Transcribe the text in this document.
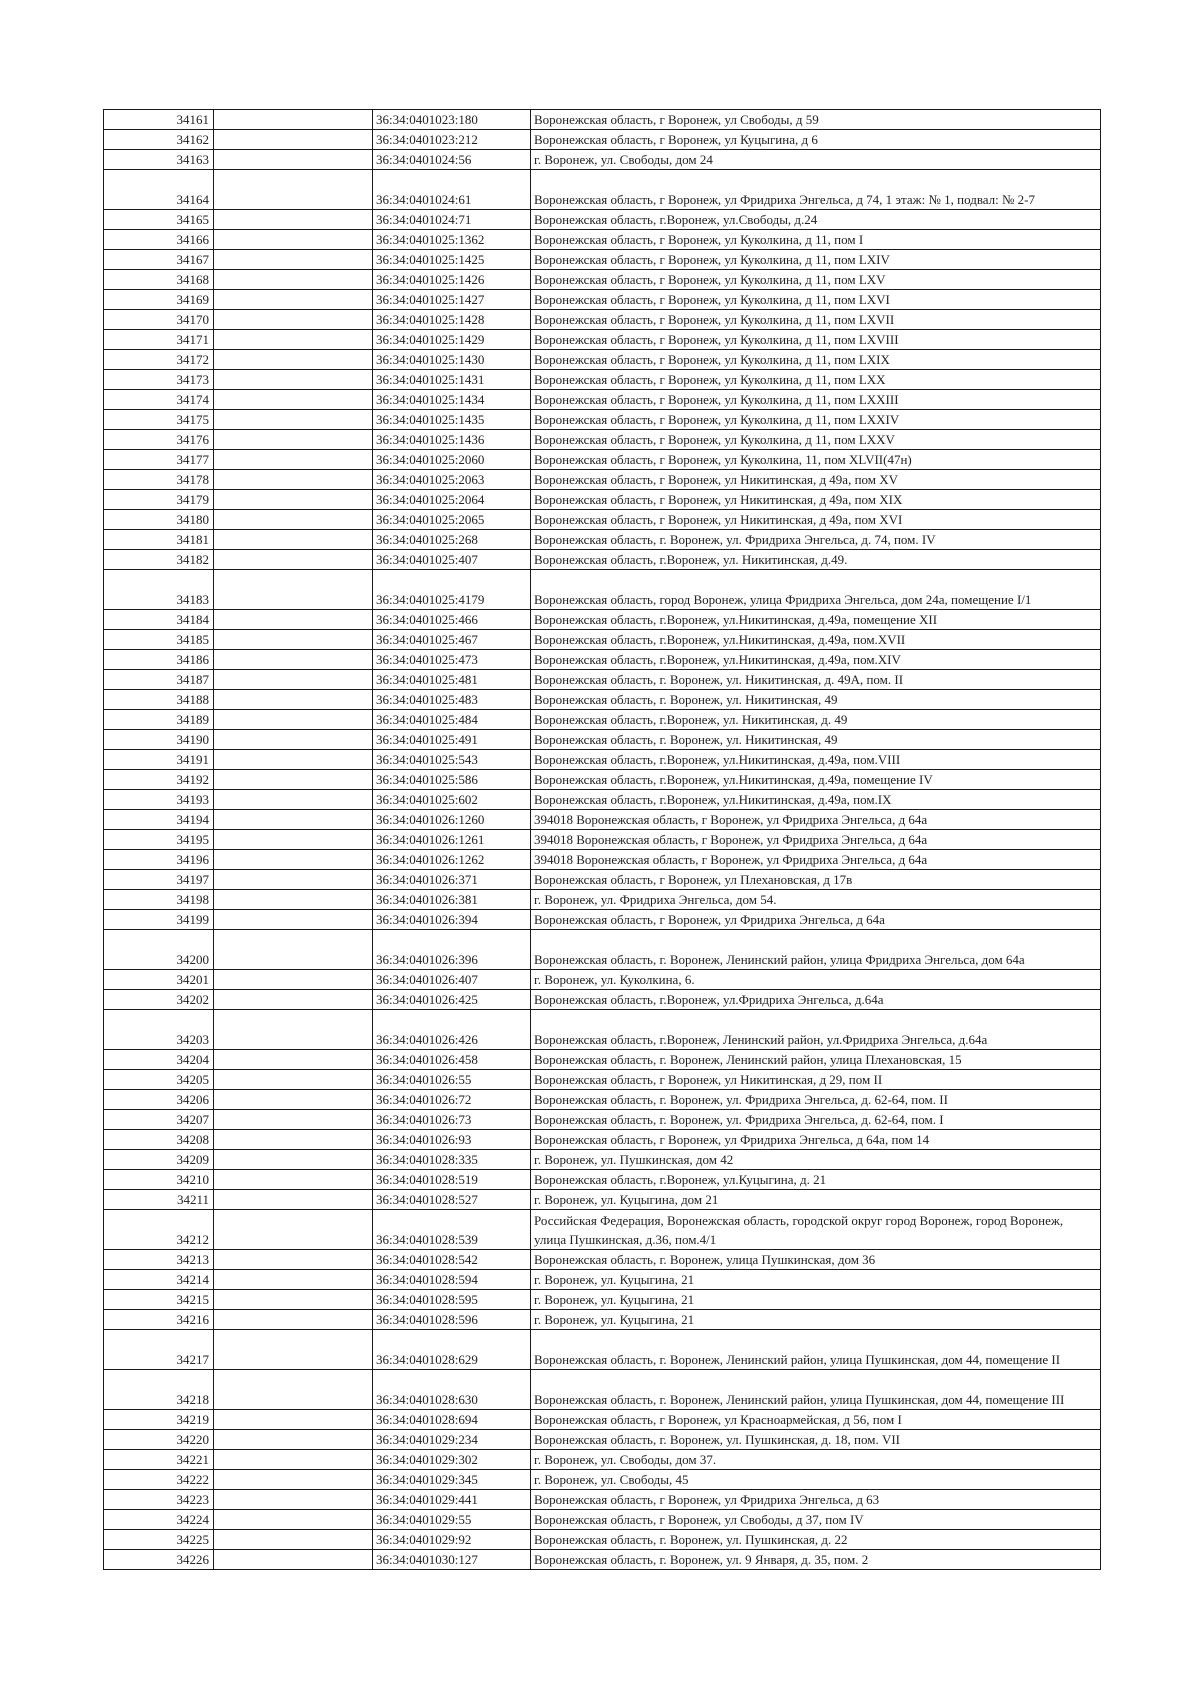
34161		36:34:0401023:180	Воронежская область, г Воронеж, ул Свободы, д 59
34162		36:34:0401023:212	Воронежская область, г Воронеж, ул Куцыгина, д 6
34163		36:34:0401024:56	г. Воронеж, ул. Свободы, дом 24
34164		36:34:0401024:61	Воронежская область, г Воронеж, ул Фридриха Энгельса, д 74, 1 этаж: № 1, подвал: № 2-7
34165		36:34:0401024:71	Воронежская область, г.Воронеж, ул.Свободы, д.24
34166		36:34:0401025:1362	Воронежская область, г Воронеж, ул Куколкина, д 11, пом I
34167		36:34:0401025:1425	Воронежская область, г Воронеж, ул Куколкина, д 11, пом LXIV
34168		36:34:0401025:1426	Воронежская область, г Воронеж, ул Куколкина, д 11, пом LXV
34169		36:34:0401025:1427	Воронежская область, г Воронеж, ул Куколкина, д 11, пом LXVI
34170		36:34:0401025:1428	Воронежская область, г Воронеж, ул Куколкина, д 11, пом LXVII
34171		36:34:0401025:1429	Воронежская область, г Воронеж, ул Куколкина, д 11, пом LXVIII
34172		36:34:0401025:1430	Воронежская область, г Воронеж, ул Куколкина, д 11, пом LXIX
34173		36:34:0401025:1431	Воронежская область, г Воронеж, ул Куколкина, д 11, пом LXX
34174		36:34:0401025:1434	Воронежская область, г Воронеж, ул Куколкина, д 11, пом LXXIII
34175		36:34:0401025:1435	Воронежская область, г Воронеж, ул Куколкина, д 11, пом LXXIV
34176		36:34:0401025:1436	Воронежская область, г Воронеж, ул Куколкина, д 11, пом LXXV
34177		36:34:0401025:2060	Воронежская область, г Воронеж, ул Куколкина, 11, пом XLVII(47н)
34178		36:34:0401025:2063	Воронежская область, г Воронеж, ул Никитинская, д 49а, пом XV
34179		36:34:0401025:2064	Воронежская область, г Воронеж, ул Никитинская, д 49а, пом XIX
34180		36:34:0401025:2065	Воронежская область, г Воронеж, ул Никитинская, д 49а, пом XVI
34181		36:34:0401025:268	Воронежская область, г. Воронеж, ул. Фридриха Энгельса, д. 74, пом. IV
34182		36:34:0401025:407	Воронежская область, г.Воронеж, ул. Никитинская, д.49.
34183		36:34:0401025:4179	Воронежская область, город Воронеж, улица Фридриха Энгельса, дом 24а, помещение I/1
34184		36:34:0401025:466	Воронежская область, г.Воронеж, ул.Никитинская, д.49а, помещение XII
34185		36:34:0401025:467	Воронежская область, г.Воронеж, ул.Никитинская, д.49а, пом.XVII
34186		36:34:0401025:473	Воронежская область, г.Воронеж, ул.Никитинская, д.49а, пом.XIV
34187		36:34:0401025:481	Воронежская область, г. Воронеж, ул. Никитинская, д. 49А, пом. II
34188		36:34:0401025:483	Воронежская область, г. Воронеж, ул. Никитинская, 49
34189		36:34:0401025:484	Воронежская область, г.Воронеж, ул. Никитинская, д. 49
34190		36:34:0401025:491	Воронежская область, г. Воронеж, ул. Никитинская, 49
34191		36:34:0401025:543	Воронежская область, г.Воронеж, ул.Никитинская, д.49а, пом.VIII
34192		36:34:0401025:586	Воронежская область, г.Воронеж, ул.Никитинская, д.49а, помещение IV
34193		36:34:0401025:602	Воронежская область, г.Воронеж, ул.Никитинская, д.49а, пом.IX
34194		36:34:0401026:1260	394018 Воронежская область, г Воронеж, ул Фридриха Энгельса, д 64а
34195		36:34:0401026:1261	394018 Воронежская область, г Воронеж, ул Фридриха Энгельса, д 64а
34196		36:34:0401026:1262	394018 Воронежская область, г Воронеж, ул Фридриха Энгельса, д 64а
34197		36:34:0401026:371	Воронежская область, г Воронеж, ул Плехановская, д 17в
34198		36:34:0401026:381	г. Воронеж, ул. Фридриха Энгельса, дом 54.
34199		36:34:0401026:394	Воронежская область, г Воронеж, ул Фридриха Энгельса, д 64а
34200		36:34:0401026:396	Воронежская область, г. Воронеж, Ленинский район, улица Фридриха Энгельса, дом 64а
34201		36:34:0401026:407	г. Воронеж, ул. Куколкина, 6.
34202		36:34:0401026:425	Воронежская область, г.Воронеж, ул.Фридриха Энгельса, д.64а
34203		36:34:0401026:426	Воронежская область, г.Воронеж, Ленинский район, ул.Фридриха Энгельса, д.64а
34204		36:34:0401026:458	Воронежская область, г. Воронеж, Ленинский район, улица Плехановская, 15
34205		36:34:0401026:55	Воронежская область, г Воронеж, ул Никитинская, д 29, пом II
34206		36:34:0401026:72	Воронежская область, г. Воронеж, ул. Фридриха Энгельса, д. 62-64, пом. II
34207		36:34:0401026:73	Воронежская область, г. Воронеж, ул. Фридриха Энгельса, д. 62-64, пом. I
34208		36:34:0401026:93	Воронежская область, г Воронеж, ул Фридриха Энгельса, д 64а, пом 14
34209		36:34:0401028:335	г. Воронеж, ул. Пушкинская, дом 42
34210		36:34:0401028:519	Воронежская область, г.Воронеж, ул.Куцыгина, д. 21
34211		36:34:0401028:527	г. Воронеж, ул. Куцыгина, дом 21
34212		36:34:0401028:539	Российская Федерация, Воронежская область, городской округ город Воронеж, город Воронеж, улица Пушкинская, д.36, пом.4/1
34213		36:34:0401028:542	Воронежская область, г. Воронеж, улица Пушкинская, дом 36
34214		36:34:0401028:594	г. Воронеж, ул. Куцыгина, 21
34215		36:34:0401028:595	г. Воронеж, ул. Куцыгина, 21
34216		36:34:0401028:596	г. Воронеж, ул. Куцыгина, 21
34217		36:34:0401028:629	Воронежская область, г. Воронеж, Ленинский район, улица Пушкинская, дом 44, помещение II
34218		36:34:0401028:630	Воронежская область, г. Воронеж, Ленинский район, улица Пушкинская, дом 44, помещение III
34219		36:34:0401028:694	Воронежская область, г Воронеж, ул Красноармейская, д 56, пом I
34220		36:34:0401029:234	Воронежская область, г. Воронеж, ул. Пушкинская, д. 18, пом. VII
34221		36:34:0401029:302	г. Воронеж, ул. Свободы, дом 37.
34222		36:34:0401029:345	г. Воронеж, ул. Свободы, 45
34223		36:34:0401029:441	Воронежская область, г Воронеж, ул Фридриха Энгельса, д 63
34224		36:34:0401029:55	Воронежская область, г Воронеж, ул Свободы, д 37, пом IV
34225		36:34:0401029:92	Воронежская область, г. Воронеж, ул. Пушкинская, д. 22
34226		36:34:0401030:127	Воронежская область, г. Воронеж, ул. 9 Января, д. 35, пом. 2
